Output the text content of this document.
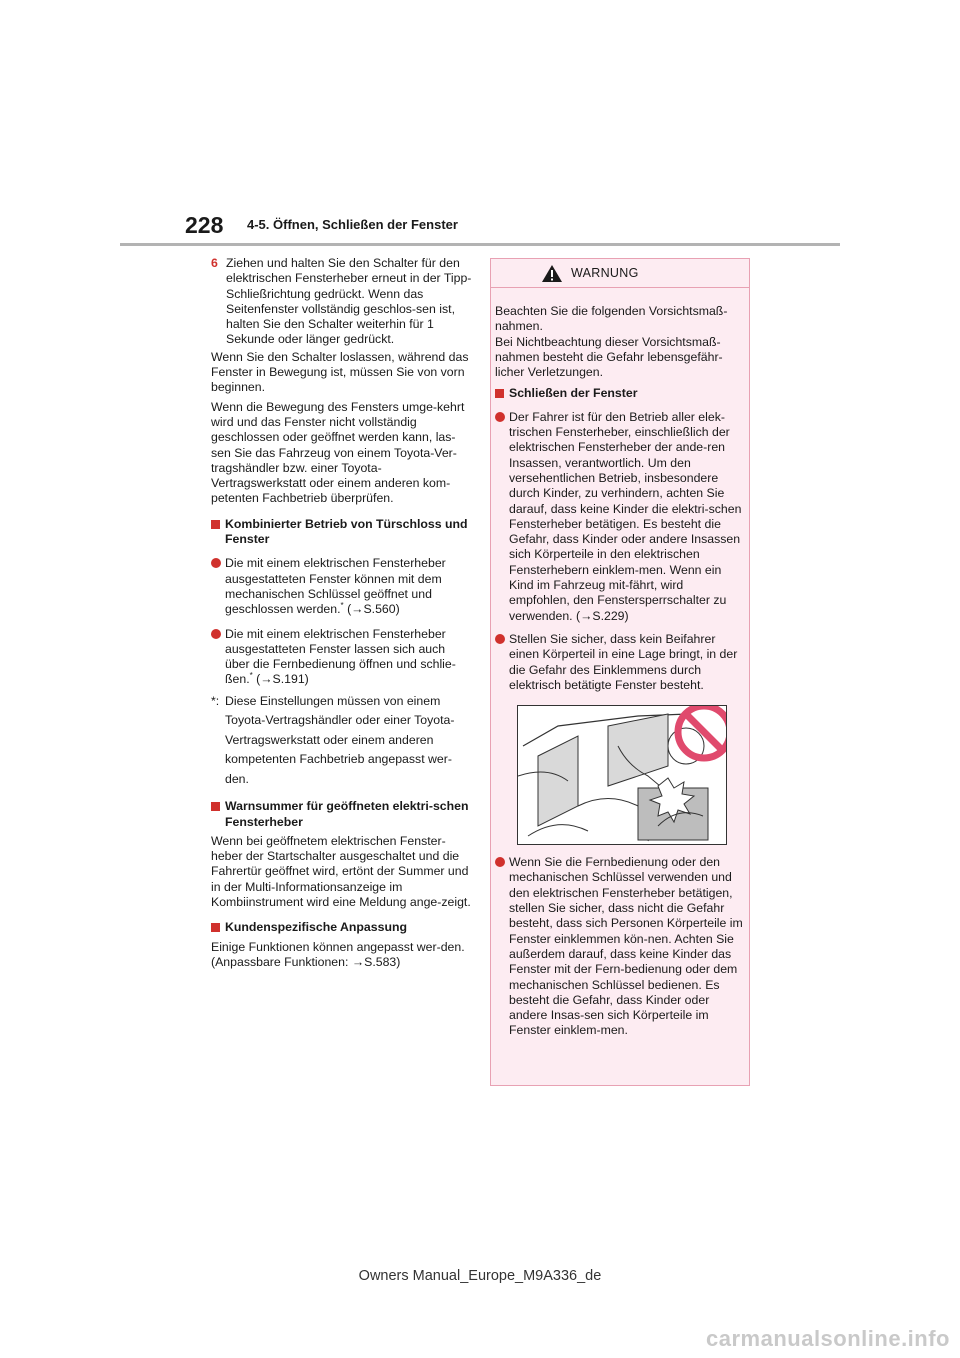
228 4-5. Öffnen, Schließen der Fenster
6 Ziehen und halten Sie den Schalter für den elektrischen Fensterheber erneut in der Tipp-Schließrichtung gedrückt. Wenn das Seitenfenster vollständig geschlos-sen ist, halten Sie den Schalter weiterhin für 1 Sekunde oder länger gedrückt.

Wenn Sie den Schalter loslassen, während das Fenster in Bewegung ist, müssen Sie von vorn beginnen.

Wenn die Bewegung des Fensters umge-kehrt wird und das Fenster nicht vollständig geschlossen oder geöffnet werden kann, las-sen Sie das Fahrzeug von einem Toyota-Ver-tragshändler bzw. einer Toyota-Vertragswerkstatt oder einem anderen kom-petenten Fachbetrieb überprüfen.

Kombinierter Betrieb von Türschloss und Fenster
Die mit einem elektrischen Fensterheber ausgestatteten Fenster können mit dem mechanischen Schlüssel geöffnet und geschlossen werden.* (→S.560)
Die mit einem elektrischen Fensterheber ausgestatteten Fenster lassen sich auch über die Fernbedienung öffnen und schlie-ßen.* (→S.191)
*: Diese Einstellungen müssen von einem Toyota-Vertragshändler oder einer Toyota-Vertragswerkstatt oder einem anderen kompetenten Fachbetrieb angepasst wer-den.
Warnsummer für geöffneten elektri-schen Fensterheber

Wenn bei geöffnetem elektrischen Fenster-heber der Startschalter ausgeschaltet und die Fahrertür geöffnet wird, ertönt der Summer und in der Multi-Informationsanzeige im Kombiinstrument wird eine Meldung ange-zeigt.

Kundenspezifische Anpassung

Einige Funktionen können angepasst wer-den. (Anpassbare Funktionen: →S.583)

WARNUNG

Beachten Sie die folgenden Vorsichtsmaß-nahmen.

Bei Nichtbeachtung dieser Vorsichtsmaß-nahmen besteht die Gefahr lebensgefähr-licher Verletzungen.

Schließen der Fenster
Der Fahrer ist für den Betrieb aller elek-trischen Fensterheber, einschließlich der elektrischen Fensterheber der ande-ren Insassen, verantwortlich. Um den versehentlichen Betrieb, insbesondere durch Kinder, zu verhindern, achten Sie darauf, dass keine Kinder die elektri-schen Fensterheber betätigen. Es besteht die Gefahr, dass Kinder oder andere Insassen sich Körperteile in den elektrischen Fensterhebern einklem-men. Wenn ein Kind im Fahrzeug mit-fährt, wird empfohlen, den Fenstersperrschalter zu verwenden. (→S.229)
Stellen Sie sicher, dass kein Beifahrer einen Körperteil in eine Lage bringt, in der die Gefahr des Einklemmens durch elektrisch betätigte Fenster besteht.
Wenn Sie die Fernbedienung oder den mechanischen Schlüssel verwenden und den elektrischen Fensterheber betätigen, stellen Sie sicher, dass nicht die Gefahr besteht, dass sich Personen Körperteile im Fenster einklemmen kön-nen. Achten Sie außerdem darauf, dass keine Kinder das Fenster mit der Fern-bedienung oder dem mechanischen Schlüssel bedienen. Es besteht die Gefahr, dass Kinder oder andere Insas-sen sich Körperteile im Fenster einklem-men.
Owners Manual_Europe_M9A336_de
carmanualsonline.info
